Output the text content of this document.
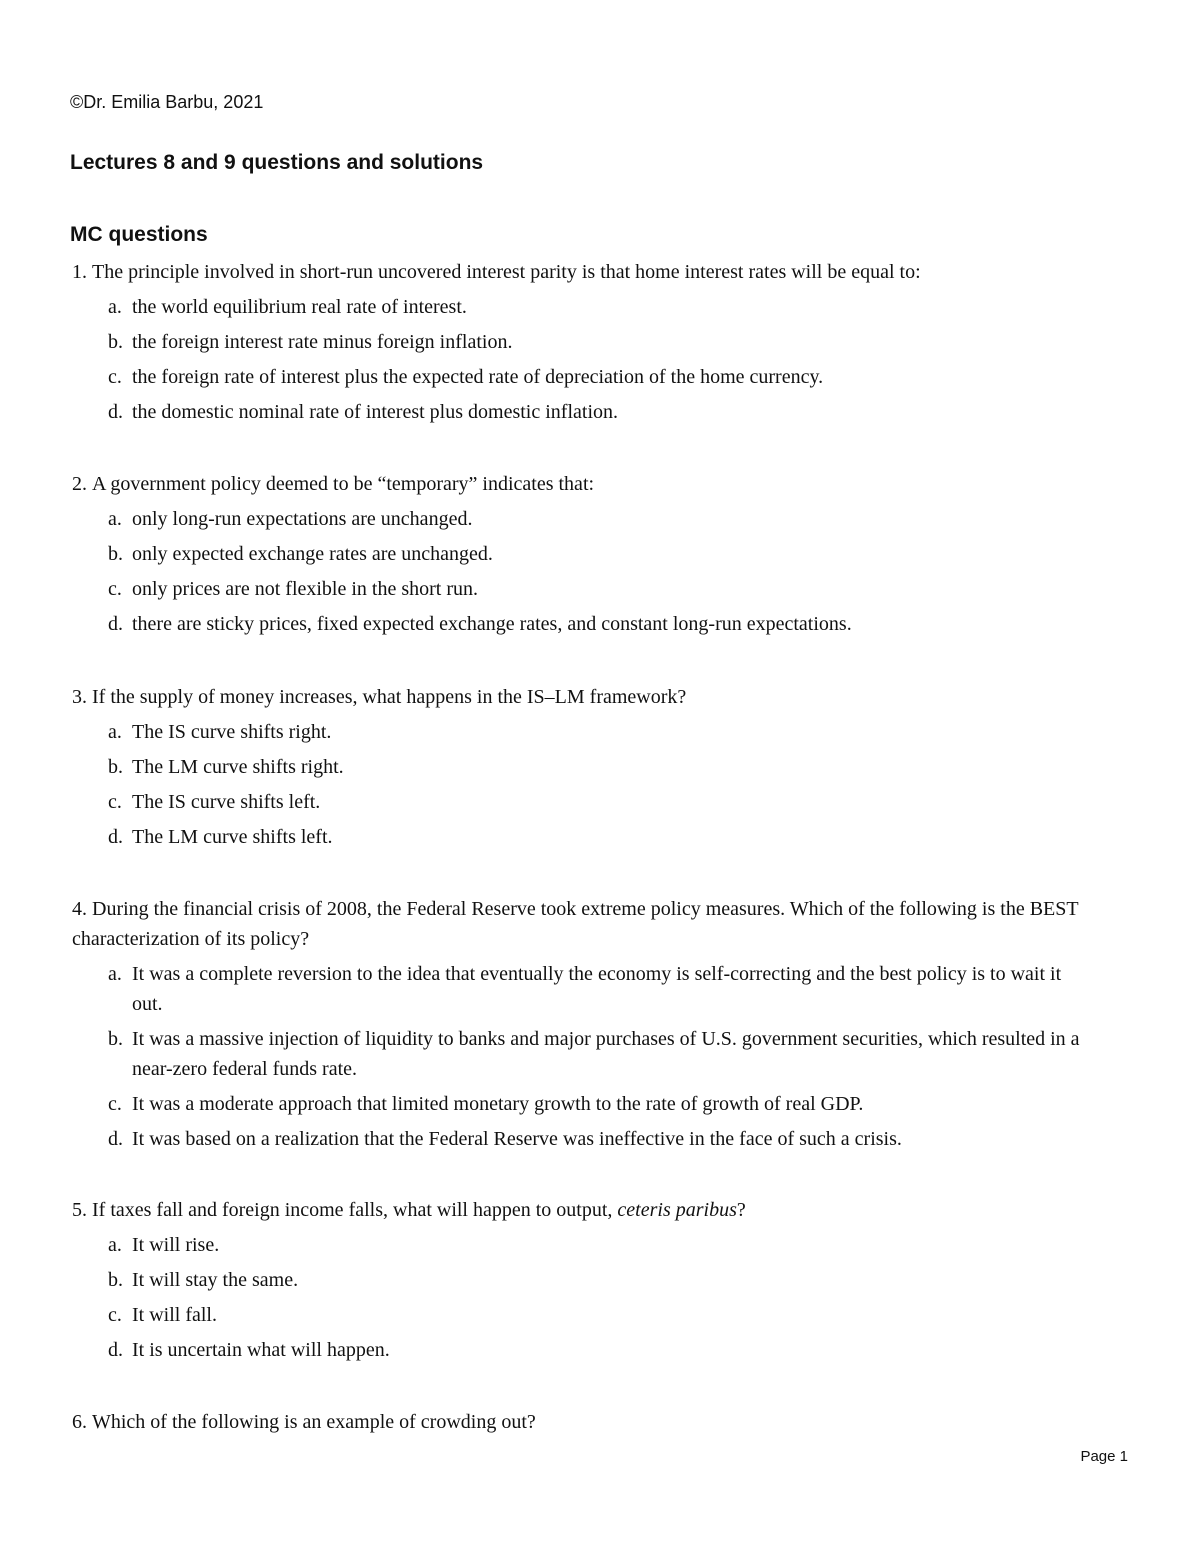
©Dr. Emilia Barbu, 2021
Lectures 8 and 9 questions and solutions
MC questions
1. The principle involved in short-run uncovered interest parity is that home interest rates will be equal to:
a. the world equilibrium real rate of interest.
b. the foreign interest rate minus foreign inflation.
c. the foreign rate of interest plus the expected rate of depreciation of the home currency.
d. the domestic nominal rate of interest plus domestic inflation.
2. A government policy deemed to be “temporary” indicates that:
a. only long-run expectations are unchanged.
b. only expected exchange rates are unchanged.
c. only prices are not flexible in the short run.
d. there are sticky prices, fixed expected exchange rates, and constant long-run expectations.
3. If the supply of money increases, what happens in the IS–LM framework?
a. The IS curve shifts right.
b. The LM curve shifts right.
c. The IS curve shifts left.
d. The LM curve shifts left.
4. During the financial crisis of 2008, the Federal Reserve took extreme policy measures. Which of the following is the BEST characterization of its policy?
a. It was a complete reversion to the idea that eventually the economy is self-correcting and the best policy is to wait it out.
b. It was a massive injection of liquidity to banks and major purchases of U.S. government securities, which resulted in a near-zero federal funds rate.
c. It was a moderate approach that limited monetary growth to the rate of growth of real GDP.
d. It was based on a realization that the Federal Reserve was ineffective in the face of such a crisis.
5. If taxes fall and foreign income falls, what will happen to output, ceteris paribus?
a. It will rise.
b. It will stay the same.
c. It will fall.
d. It is uncertain what will happen.
6. Which of the following is an example of crowding out?
Page 1
